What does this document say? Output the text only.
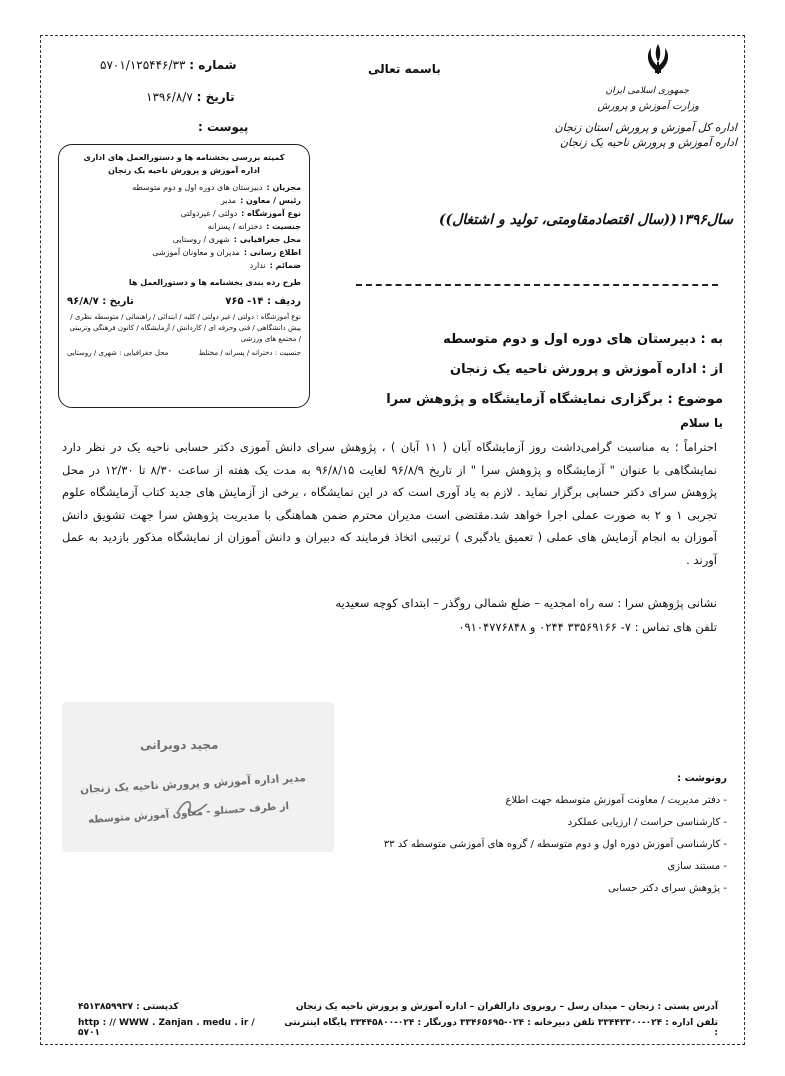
جمهوری اسلامی ایران
وزارت آموزش و پرورش
اداره کل آموزش و پرورش استان زنجان
اداره آموزش و پرورش ناحیه یک زنجان
باسمه تعالی
شماره : ۵۷۰۱/۱۲۵۴۴۶/۳۳
تاریخ : ۱۳۹۶/۸/۷
پیوست :
کمیته بررسی بخشنامه ها و دستورالعمل های اداری
اداره آموزش و پرورش ناحیه یک زنجان
مجریان :
دبیرستان های دوره اول و دوم متوسطه
رئیس / معاون :
مدیر
نوع آموزشگاه :
دولتی / غیردولتی
جنسیت :
دخترانه / پسرانه
محل جغرافیایی :
شهری / روستایی
اطلاع رسانی :
مدیران و معاونان آموزشی
ضمائم :
ندارد
طرح رده بندی بخشنامه ها و دستورالعمل ها
ردیف : ۱۴- ۷۶۵
تاریخ : ۹۶/۸/۷
نوع آموزشگاه : دولتی / غیر دولتی / کلیه / ابتدائی / راهنمائی / متوسطه نظری / پیش دانشگاهی / فنی وحرفه ای / کاردانش / آزمایشگاه / کانون فرهنگی وتربیتی / مجتمع های ورزشی
جنسیت : دخترانه / پسرانه / مختلط
محل جغرافیایی : شهری / روستایی
سال۱۳۹۶((سال اقتصادمقاومتی، تولید و اشتغال))
به : دبیرستان های دوره اول و دوم متوسطه
از : اداره آموزش و پرورش ناحیه یک زنجان
موضوع : برگزاری نمایشگاه آزمایشگاه و پژوهش سرا
با سلام
احتراماً ؛ به مناسبت گرامی‌داشت روز آزمایشگاه آبان ( ۱۱ آبان ) ، پژوهش سرای دانش آموزی دکتر حسابی ناحیه یک در نظر دارد نمایشگاهی با عنوان " آزمایشگاه و پژوهش سرا " از تاریخ ۹۶/۸/۹ لغایت ۹۶/۸/۱۵ به مدت یک هفته از ساعت ۸/۳۰ تا ۱۲/۳۰ در محل پژوهش سرای دکتر حسابی برگزار نماید . لازم به یاد آوری است که در این نمایشگاه ، برخی از آزمایش های جدید کتاب آزمایشگاه علوم تجربی ۱ و ۲ به صورت عملی اجرا خواهد شد.مقتضی است مدیران محترم ضمن هماهنگی با مدیریت پژوهش سرا جهت تشویق دانش آموزان به انجام آزمایش های عملی ( تعمیق یادگیری ) ترتیبی اتخاذ فرمایند که دبیران و دانش آموزان از نمایشگاه مذکور بازدید به عمل آورند .
نشانی پژوهش سرا : سه راه امجدیه – ضلع شمالی روگذر – ابتدای کوچه سعیدیه
تلفن های تماس : ۷- ۳۳۵۶۹۱۶۶ ۰۲۴۴ و ۰۹۱۰۴۷۷۶۸۴۸
مجید دویرانی
مدیر اداره آموزش و پرورش ناحیه یک زنجان
از طرف حسنلو - معاون آموزش متوسطه
رونوشت :
- دفتر مدیریت / معاونت آموزش متوسطه جهت اطلاع
- کارشناسی حراست / ارزیابی عملکرد
- کارشناسی آموزش دوره اول و دوم متوسطه / گروه های آموزشی متوسطه کد ۳۳
- مستند سازی
- پژوهش سرای دکتر حسابی
آدرس پستی : زنجان – میدان رسل – روبروی دارالقران – اداره آموزش و پرورش ناحیه یک زنجان
کدپستی : ۴۵۱۳۸۵۹۹۳۷
تلفن اداره : ۰۲۴-۳۳۴۴۳۳۰۰ تلفن دبیرخانه : ۰۲۴-۳۳۴۶۵۶۹۵ دورنگار : ۰۲۴-۳۳۴۴۵۸۰۰ پایگاه اینترنتی :
http : // WWW . Zanjan . medu . ir / ۵۷۰۱
